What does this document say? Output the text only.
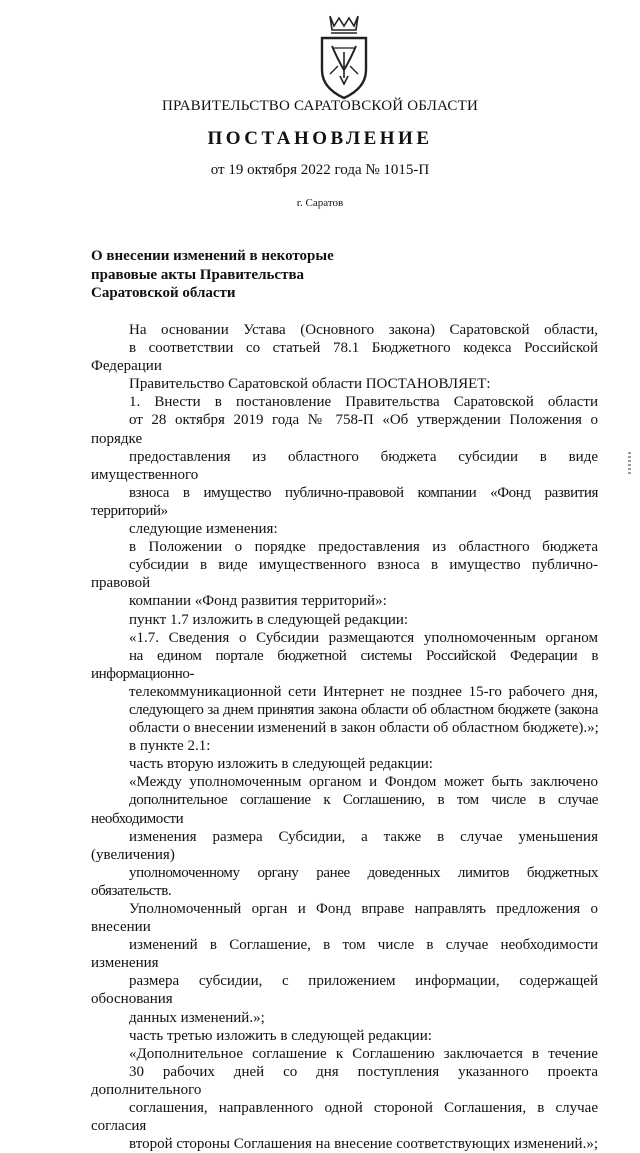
ПРАВИТЕЛЬСТВО САРАТОВСКОЙ ОБЛАСТИ
ПОСТАНОВЛЕНИЕ
от 19 октября 2022 года № 1015-П
г. Саратов
О внесении изменений в некоторые
правовые акты Правительства
Саратовской области

На основании Устава (Основного закона) Саратовской области,
в соответствии со статьей 78.1 Бюджетного кодекса Российской Федерации
Правительство Саратовской области ПОСТАНОВЛЯЕТ:

1. Внести в постановление Правительства Саратовской области
от 28 октября 2019 года № 758-П «Об утверждении Положения о порядке
предоставления из областного бюджета субсидии в виде имущественного
взноса в имущество публично-правовой компании «Фонд развития территорий»
следующие изменения:

в Положении о порядке предоставления из областного бюджета
субсидии в виде имущественного взноса в имущество публично-правовой
компании «Фонд развития территорий»:

пункт 1.7 изложить в следующей редакции:

«1.7. Сведения о Субсидии размещаются уполномоченным органом
на едином портале бюджетной системы Российской Федерации в информационно-
телекоммуникационной сети Интернет не позднее 15-го рабочего дня,
следующего за днем принятия закона области об областном бюджете (закона
области о внесении изменений в закон области об областном бюджете).»;

в пункте 2.1:

часть вторую изложить в следующей редакции:

«Между уполномоченным органом и Фондом может быть заключено
дополнительное соглашение к Соглашению, в том числе в случае необходимости
изменения размера Субсидии, а также в случае уменьшения (увеличения)
уполномоченному органу ранее доведенных лимитов бюджетных обязательств.
Уполномоченный орган и Фонд вправе направлять предложения о внесении
изменений в Соглашение, в том числе в случае необходимости изменения
размера субсидии, с приложением информации, содержащей обоснования
данных изменений.»;

часть третью изложить в следующей редакции:

«Дополнительное соглашение к Соглашению заключается в течение
30 рабочих дней со дня поступления указанного проекта дополнительного
соглашения, направленного одной стороной Соглашения, в случае согласия
второй стороны Соглашения на внесение соответствующих изменений.»;
